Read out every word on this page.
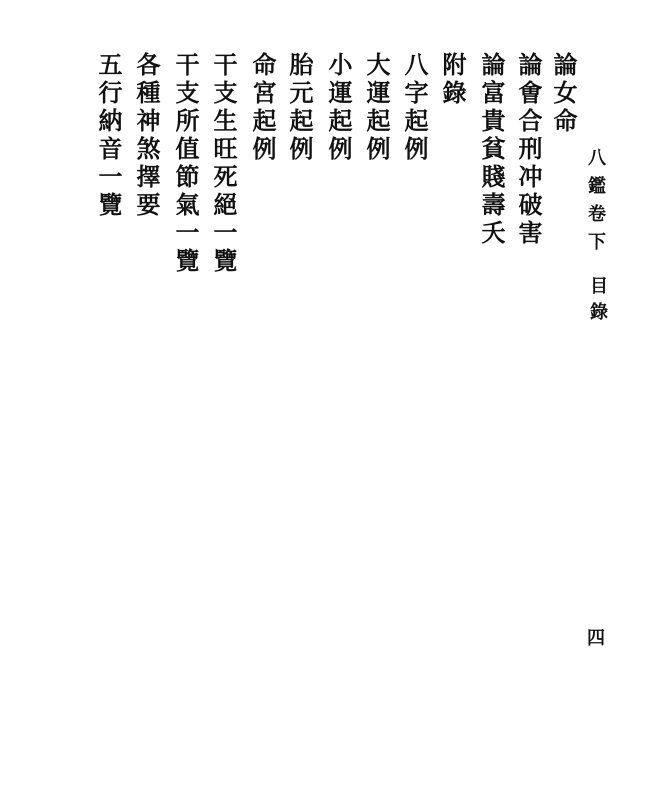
八鑑卷下
目錄
四
論女命
論㑹合刑冲破害
論富貴貧賤壽夭
附錄
八字起例
大運起例
小運起例
胎元起例
命宮起例
干支生旺死絕一覽
干支所值節氣一覽
各種神煞擇要
五行納音一覽
